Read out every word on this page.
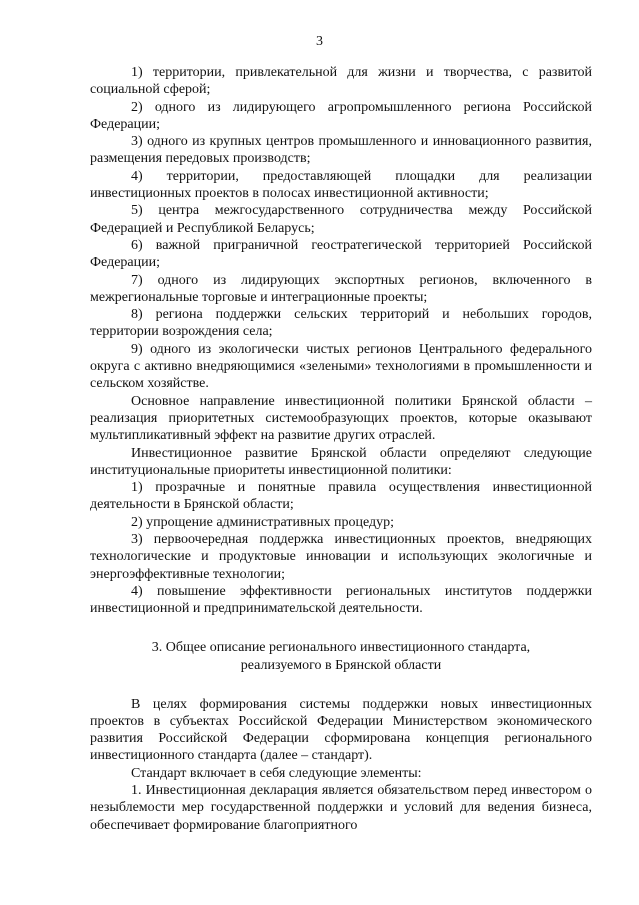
3

1) территории, привлекательной для жизни и творчества, с развитой социальной сферой;

2) одного из лидирующего агропромышленного региона Российской Федерации;

3) одного из крупных центров промышленного и инновационного развития, размещения передовых производств;

4) территории, предоставляющей площадки для реализации инвестиционных проектов в полосах инвестиционной активности;

5) центра межгосударственного сотрудничества между Российской Федерацией и Республикой Беларусь;

6) важной приграничной геостратегической территорией Российской Федерации;

7) одного из лидирующих экспортных регионов, включенного в межрегиональные торговые и интеграционные проекты;

8) региона поддержки сельских территорий и небольших городов, территории возрождения села;

9) одного из экологически чистых регионов Центрального федерального округа с активно внедряющимися «зелеными» технологиями в промышленности и сельском хозяйстве.

Основное направление инвестиционной политики Брянской области – реализация приоритетных системообразующих проектов, которые оказывают мультипликативный эффект на развитие других отраслей.

Инвестиционное развитие Брянской области определяют следующие институциональные приоритеты инвестиционной политики:

1) прозрачные и понятные правила осуществления инвестиционной деятельности в Брянской области;

2) упрощение административных процедур;

3) первоочередная поддержка инвестиционных проектов, внедряющих технологические и продуктовые инновации и использующих экологичные и энергоэффективные технологии;

4) повышение эффективности региональных институтов поддержки инвестиционной и предпринимательской деятельности.

3. Общее описание регионального инвестиционного стандарта,
реализуемого в Брянской области

В целях формирования системы поддержки новых инвестиционных проектов в субъектах Российской Федерации Министерством экономического развития Российской Федерации сформирована концепция регионального инвестиционного стандарта (далее – стандарт).

Стандарт включает в себя следующие элементы:

1. Инвестиционная декларация является обязательством перед инвестором о незыблемости мер государственной поддержки и условий для ведения бизнеса, обеспечивает формирование благоприятного
